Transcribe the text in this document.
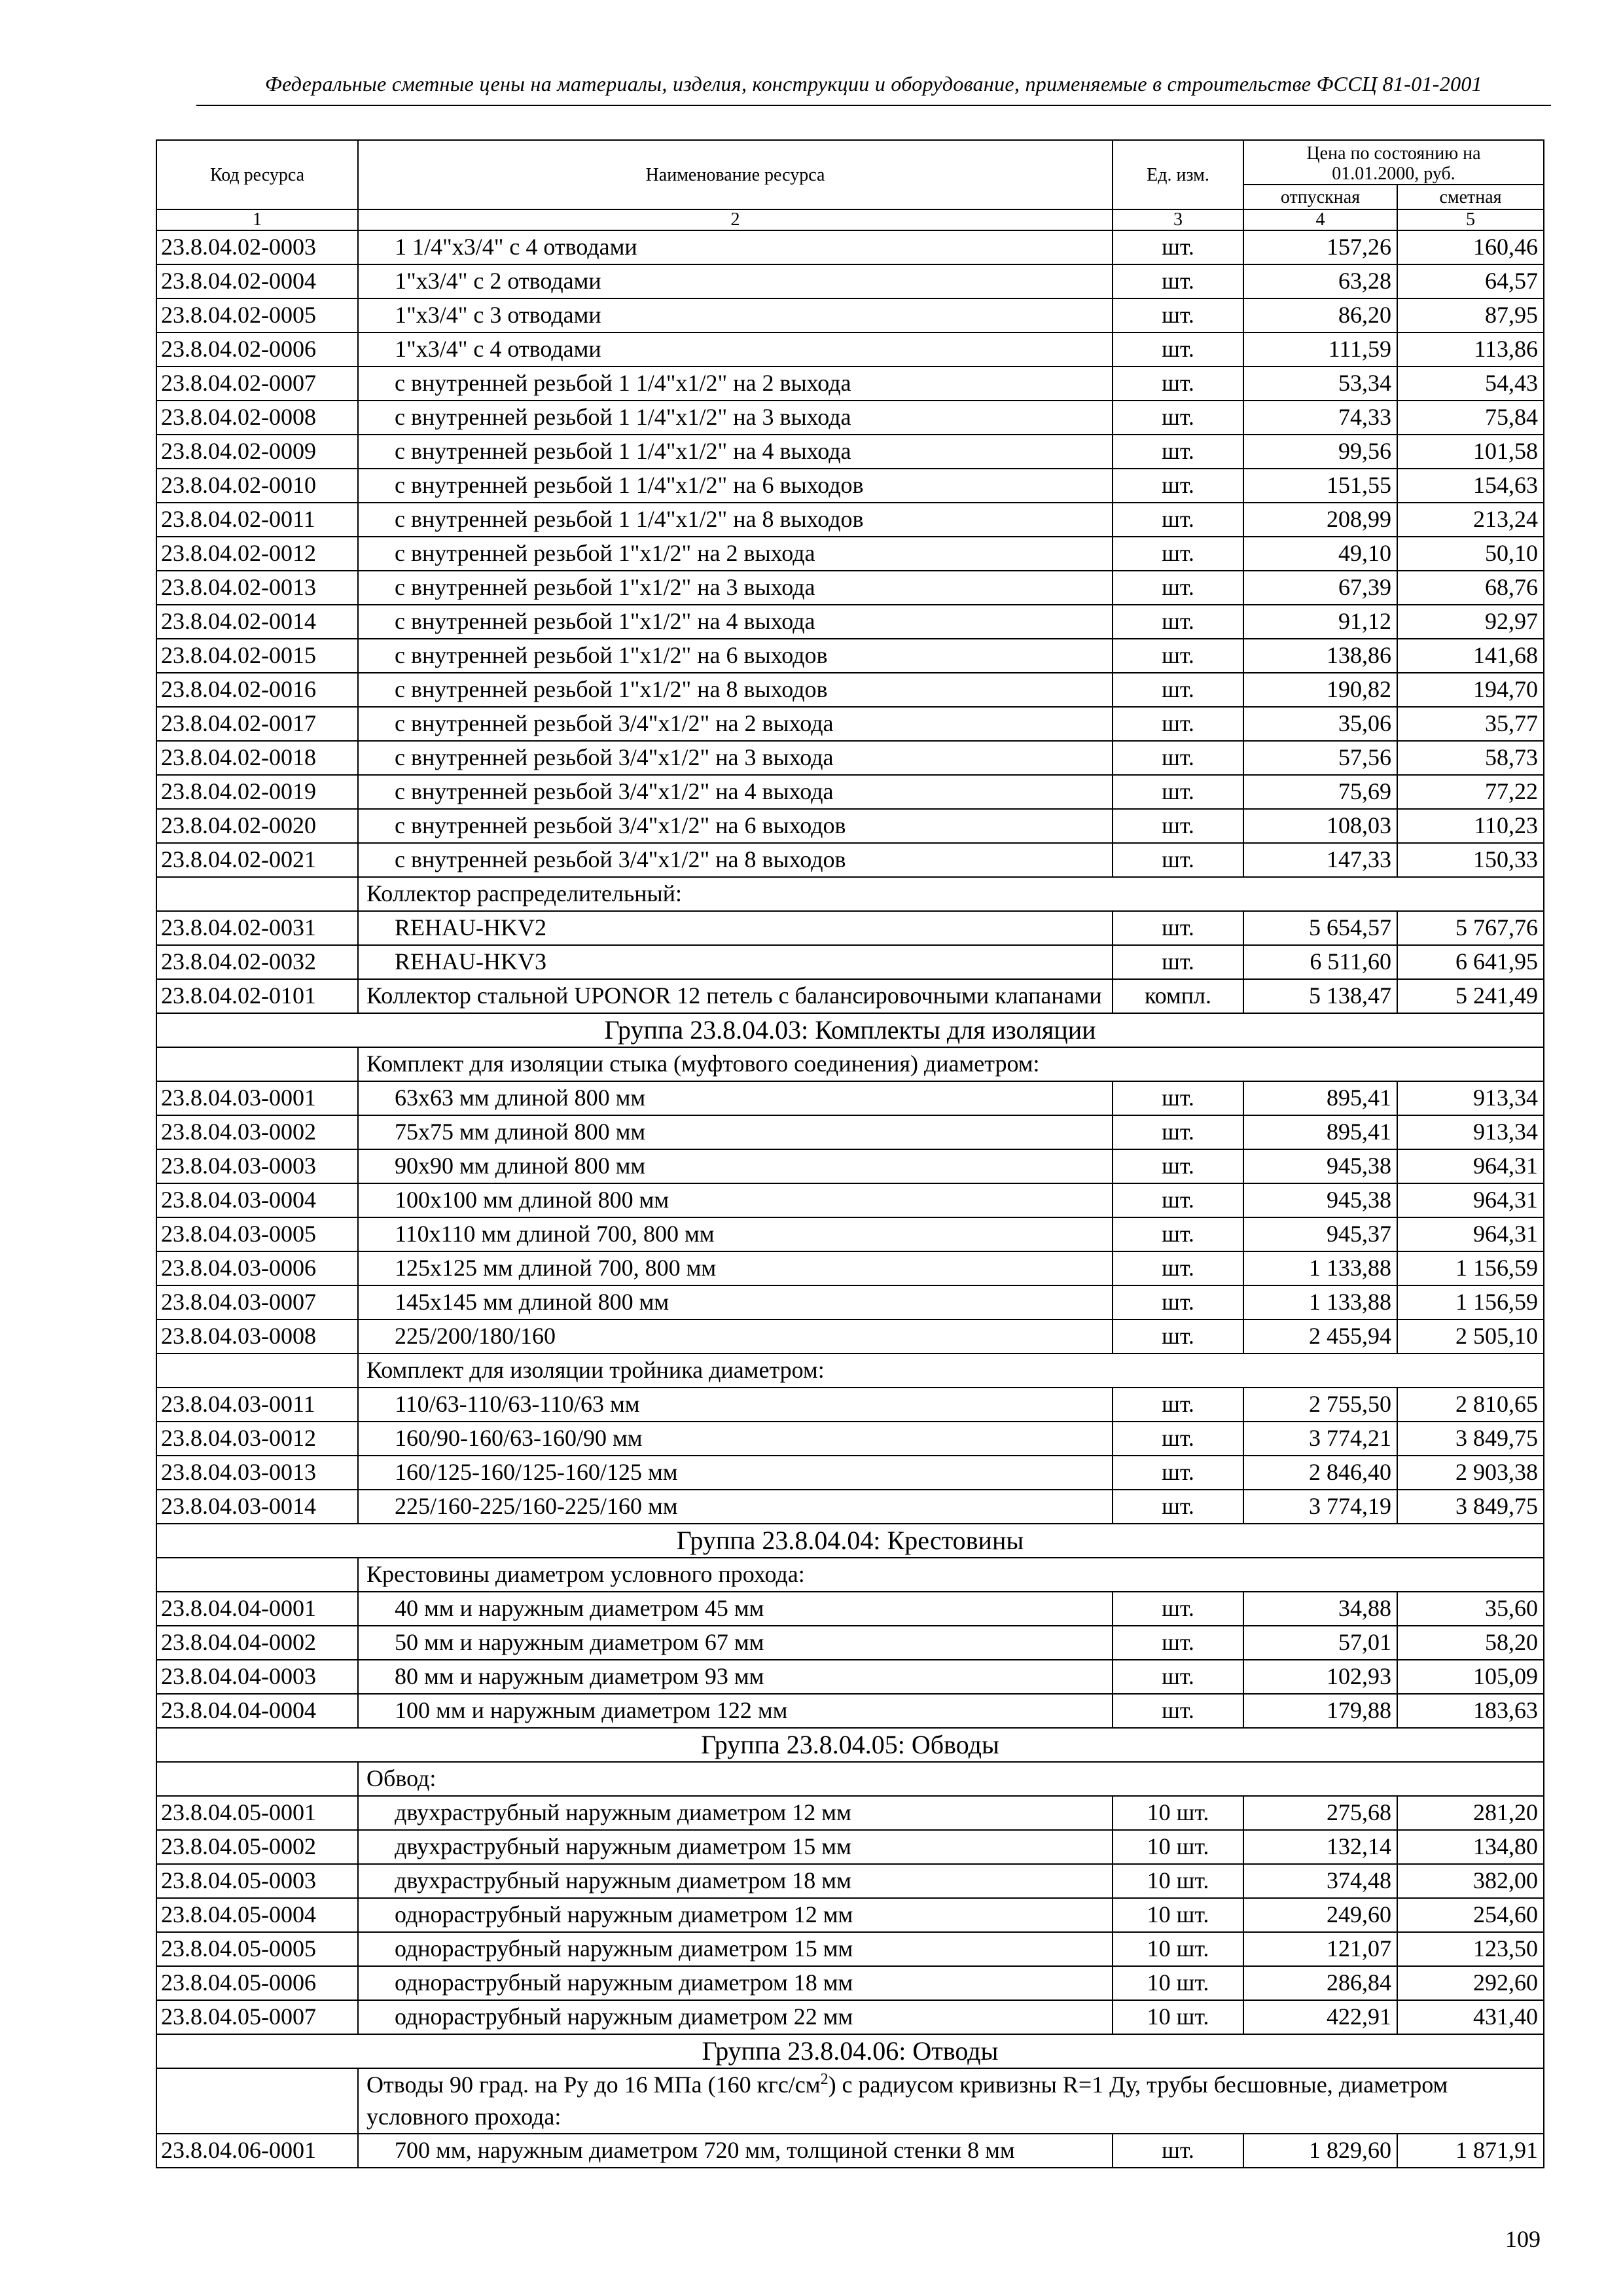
Федеральные сметные цены на материалы, изделия, конструкции и оборудование, применяемые в строительстве ФССЦ 81-01-2001
Код ресурса	Наименование ресурса	Ед. изм.	Цена по состоянию на 01.01.2000, руб.	
			отпускная	сметная
1	2	3	4	5
23.8.04.02-0003	1 1/4"x3/4" с 4 отводами	шт.	157,26	160,46
23.8.04.02-0004	1"x3/4" с 2 отводами	шт.	63,28	64,57
23.8.04.02-0005	1"x3/4" с 3 отводами	шт.	86,20	87,95
23.8.04.02-0006	1"x3/4" с 4 отводами	шт.	111,59	113,86
23.8.04.02-0007	с внутренней резьбой 1 1/4"x1/2" на 2 выхода	шт.	53,34	54,43
23.8.04.02-0008	с внутренней резьбой 1 1/4"x1/2" на 3 выхода	шт.	74,33	75,84
23.8.04.02-0009	с внутренней резьбой 1 1/4"x1/2" на 4 выхода	шт.	99,56	101,58
23.8.04.02-0010	с внутренней резьбой 1 1/4"x1/2" на 6 выходов	шт.	151,55	154,63
23.8.04.02-0011	с внутренней резьбой 1 1/4"x1/2" на 8 выходов	шт.	208,99	213,24
23.8.04.02-0012	с внутренней резьбой 1"x1/2" на 2 выхода	шт.	49,10	50,10
23.8.04.02-0013	с внутренней резьбой 1"x1/2" на 3 выхода	шт.	67,39	68,76
23.8.04.02-0014	с внутренней резьбой 1"x1/2" на 4 выхода	шт.	91,12	92,97
23.8.04.02-0015	с внутренней резьбой 1"x1/2" на 6 выходов	шт.	138,86	141,68
23.8.04.02-0016	с внутренней резьбой 1"x1/2" на 8 выходов	шт.	190,82	194,70
23.8.04.02-0017	с внутренней резьбой 3/4"x1/2" на 2 выхода	шт.	35,06	35,77
23.8.04.02-0018	с внутренней резьбой 3/4"x1/2" на 3 выхода	шт.	57,56	58,73
23.8.04.02-0019	с внутренней резьбой 3/4"x1/2" на 4 выхода	шт.	75,69	77,22
23.8.04.02-0020	с внутренней резьбой 3/4"x1/2" на 6 выходов	шт.	108,03	110,23
23.8.04.02-0021	с внутренней резьбой 3/4"x1/2" на 8 выходов	шт.	147,33	150,33
	Коллектор распределительный:			
23.8.04.02-0031	REHAU-HKV2	шт.	5 654,57	5 767,76
23.8.04.02-0032	REHAU-HKV3	шт.	6 511,60	6 641,95
23.8.04.02-0101	Коллектор стальной UPONOR 12 петель с балансировочными клапанами	компл.	5 138,47	5 241,49
Группа 23.8.04.03: Комплекты для изоляции				
	Комплект для изоляции стыка (муфтового соединения) диаметром:			
23.8.04.03-0001	63x63 мм длиной 800 мм	шт.	895,41	913,34
23.8.04.03-0002	75x75 мм длиной 800 мм	шт.	895,41	913,34
23.8.04.03-0003	90x90 мм длиной 800 мм	шт.	945,38	964,31
23.8.04.03-0004	100x100 мм длиной 800 мм	шт.	945,38	964,31
23.8.04.03-0005	110x110 мм длиной 700, 800 мм	шт.	945,37	964,31
23.8.04.03-0006	125x125 мм длиной 700, 800 мм	шт.	1 133,88	1 156,59
23.8.04.03-0007	145x145 мм длиной 800 мм	шт.	1 133,88	1 156,59
23.8.04.03-0008	225/200/180/160	шт.	2 455,94	2 505,10
	Комплект для изоляции тройника диаметром:			
23.8.04.03-0011	110/63-110/63-110/63 мм	шт.	2 755,50	2 810,65
23.8.04.03-0012	160/90-160/63-160/90 мм	шт.	3 774,21	3 849,75
23.8.04.03-0013	160/125-160/125-160/125 мм	шт.	2 846,40	2 903,38
23.8.04.03-0014	225/160-225/160-225/160 мм	шт.	3 774,19	3 849,75
Группа 23.8.04.04: Крестовины				
	Крестовины диаметром условного прохода:			
23.8.04.04-0001	40 мм и наружным диаметром 45 мм	шт.	34,88	35,60
23.8.04.04-0002	50 мм и наружным диаметром 67 мм	шт.	57,01	58,20
23.8.04.04-0003	80 мм и наружным диаметром 93 мм	шт.	102,93	105,09
23.8.04.04-0004	100 мм и наружным диаметром 122 мм	шт.	179,88	183,63
Группа 23.8.04.05: Обводы				
	Обвод:			
23.8.04.05-0001	двухраструбный наружным диаметром 12 мм	10 шт.	275,68	281,20
23.8.04.05-0002	двухраструбный наружным диаметром 15 мм	10 шт.	132,14	134,80
23.8.04.05-0003	двухраструбный наружным диаметром 18 мм	10 шт.	374,48	382,00
23.8.04.05-0004	однораструбный наружным диаметром 12 мм	10 шт.	249,60	254,60
23.8.04.05-0005	однораструбный наружным диаметром 15 мм	10 шт.	121,07	123,50
23.8.04.05-0006	однораструбный наружным диаметром 18 мм	10 шт.	286,84	292,60
23.8.04.05-0007	однораструбный наружным диаметром 22 мм	10 шт.	422,91	431,40
Группа 23.8.04.06: Отводы				
	Отводы 90 град. на Ру до 16 МПа (160 кгс/$см^2$) с радиусом кривизны R=1 Ду, трубы бесшовные, диаметром условного прохода:			
23.8.04.06-0001	700 мм, наружным диаметром 720 мм, толщиной стенки 8 мм	шт.	1 829,60	1 871,91
109
